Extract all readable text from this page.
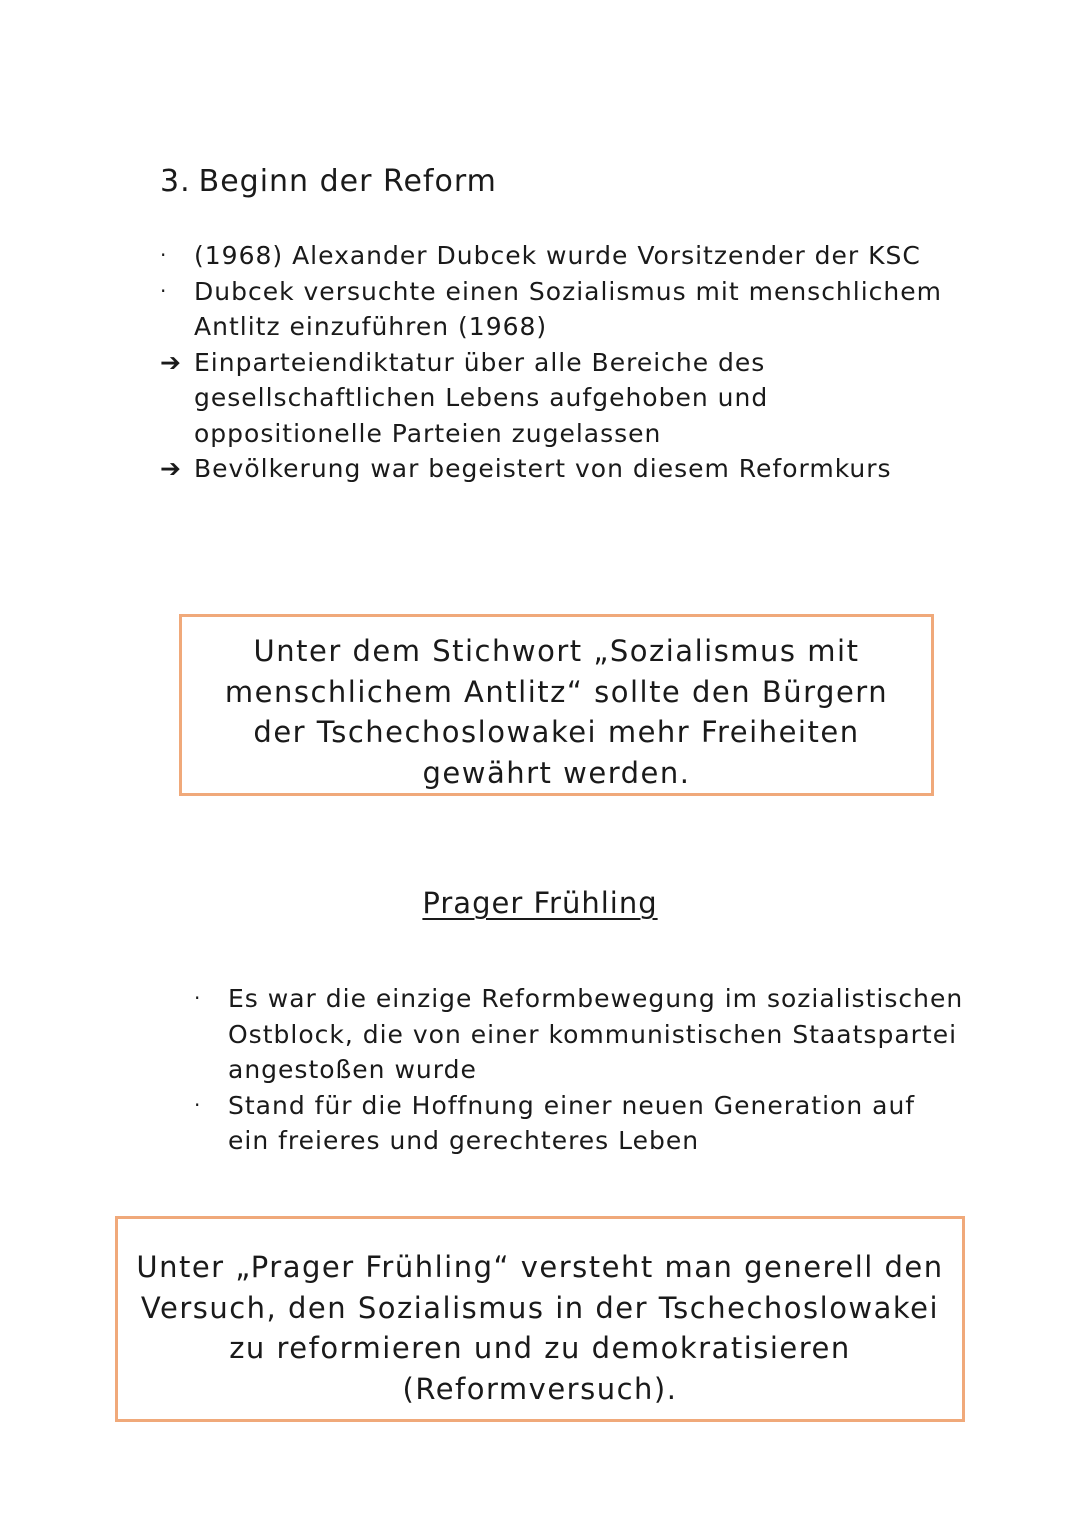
3. Beginn der Reform
·	(1968) Alexander Dubcek wurde Vorsitzender der KSC
·	Dubcek versuchte einen Sozialismus mit menschlichem Antlitz einzuführen (1968)
➔ Einparteiendiktatur über alle Bereiche des gesellschaftlichen Lebens aufgehoben und oppositionelle Parteien zugelassen
➔ Bevölkerung war begeistert von diesem Reformkurs
Unter dem Stichwort „Sozialismus mit menschlichem Antlitz“ sollte den Bürgern der Tschechoslowakei mehr Freiheiten gewährt werden.
Prager Frühling
·	Es war die einzige Reformbewegung im sozialistischen Ostblock, die von einer kommunistischen Staatspartei angestoßen wurde
·	Stand für die Hoffnung einer neuen Generation auf ein freieres und gerechteres Leben
Unter „Prager Frühling“ versteht man generell den Versuch, den Sozialismus in der Tschechoslowakei zu reformieren und zu demokratisieren (Reformversuch).
